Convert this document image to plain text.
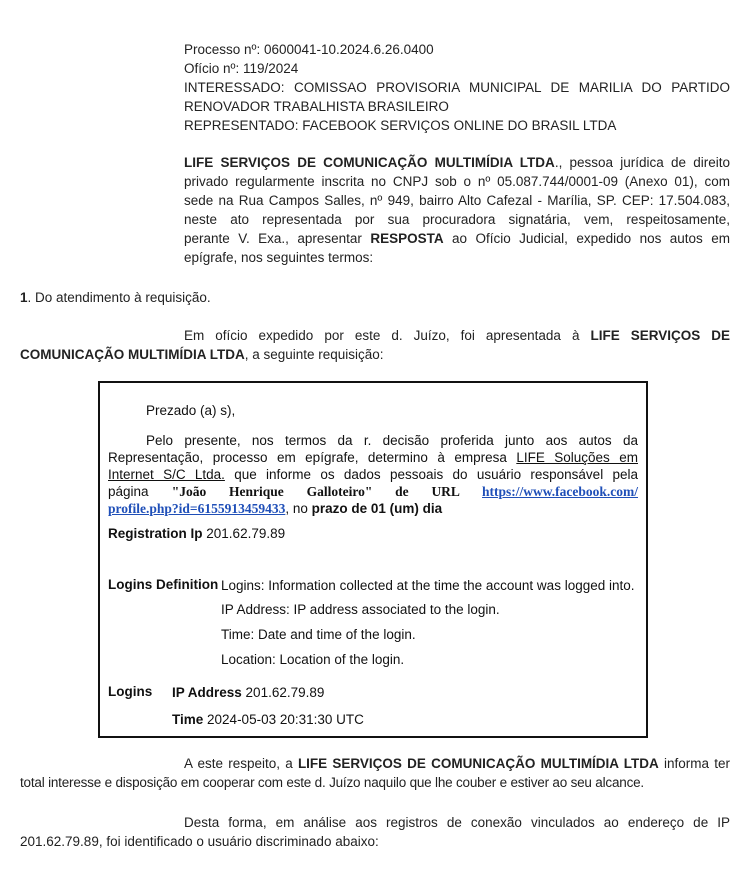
Processo nº: 0600041-10.2024.6.26.0400
Ofício nº: 119/2024
INTERESSADO: COMISSAO PROVISORIA MUNICIPAL DE MARILIA DO PARTIDO
RENOVADOR TRABALHISTA BRASILEIRO
REPRESENTADO: FACEBOOK SERVIÇOS ONLINE DO BRASIL LTDA
LIFE SERVIÇOS DE COMUNICAÇÃO MULTIMÍDIA LTDA., pessoa jurídica de direito
privado regularmente inscrita no CNPJ sob o nº 05.087.744/0001-09 (Anexo 01), com
sede na Rua Campos Salles, nº 949, bairro Alto Cafezal - Marília, SP. CEP: 17.504.083,
neste ato representada por sua procuradora signatária, vem, respeitosamente,
perante V. Exa., apresentar RESPOSTA ao Ofício Judicial, expedido nos autos em
epígrafe, nos seguintes termos:
1. Do atendimento à requisição.
Em ofício expedido por este d. Juízo, foi apresentada à LIFE SERVIÇOS DE
COMUNICAÇÃO MULTIMÍDIA LTDA, a seguinte requisição:
Prezado (a) s),
Pelo presente, nos termos da r. decisão proferida junto aos autos da
Representação, processo em epígrafe, determino à empresa LIFE Soluções em
Internet S/C Ltda. que informe os dados pessoais do usuário responsável pela
página "João Henrique Galloteiro" de URL https://www.facebook.com/
profile.php?id=6155913459433, no prazo de 01 (um) dia
Registration Ip 201.62.79.89
Logins Definition Logins: Information collected at the time the account was logged into.
IP Address: IP address associated to the login.
Time: Date and time of the login.
Location: Location of the login.
Logins IP Address 201.62.79.89
Time 2024-05-03 20:31:30 UTC
A este respeito, a LIFE SERVIÇOS DE COMUNICAÇÃO MULTIMÍDIA LTDA informa ter
total interesse e disposição em cooperar com este d. Juízo naquilo que lhe couber e estiver ao seu alcance.
Desta forma, em análise aos registros de conexão vinculados ao endereço de IP
201.62.79.89, foi identificado o usuário discriminado abaixo:
